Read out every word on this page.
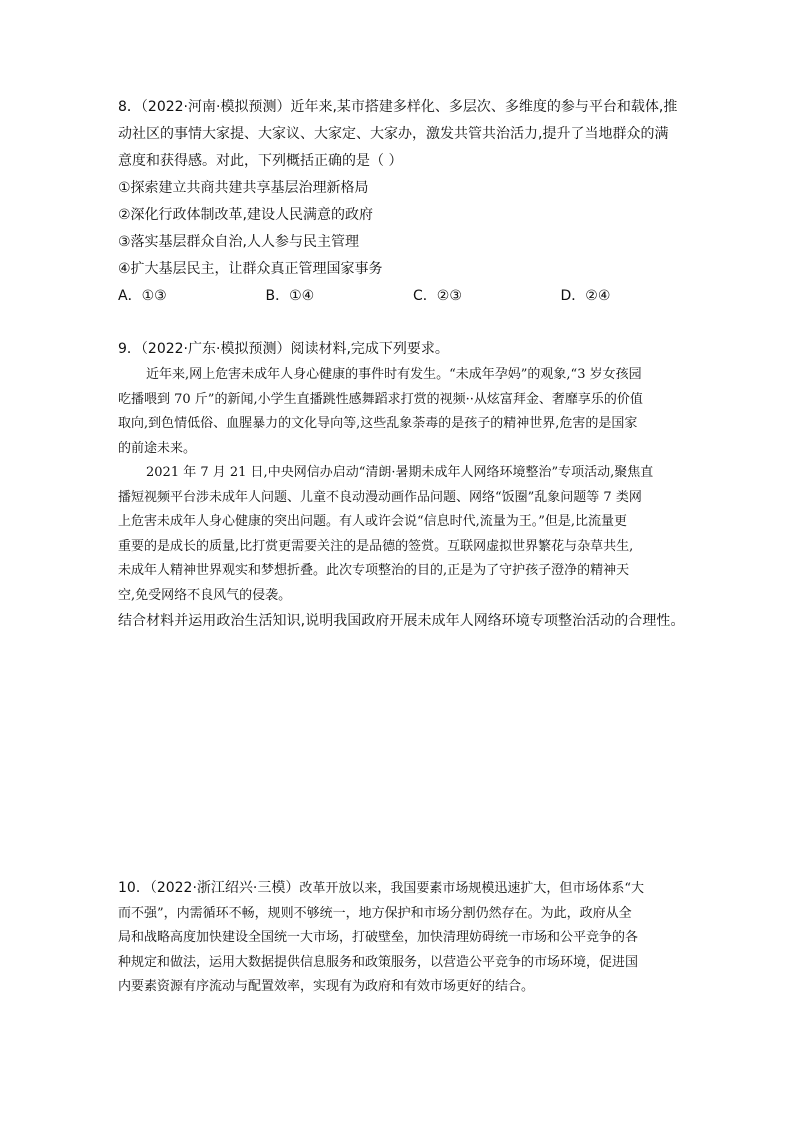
8．（2022·河南·模拟预测）近年来,某市搭建多样化、多层次、多维度的参与平台和载体,推
动社区的事情大家提、大家议、大家定、大家办，激发共管共治活力,提升了当地群众的满
意度和获得感。对此，下列概括正确的是（ ）
①探索建立共商共建共享基层治理新格局
②深化行政体制改革,建设人民满意的政府
③落实基层群众自治,人人参与民主管理
④扩大基层民主，让群众真正管理国家事务
A．①③	B．①④	C．②③	D．②④
9．（2022·广东·模拟预测）阅读材料,完成下列要求。
近年来,网上危害未成年人身心健康的事件时有发生。“未成年孕妈”的观象,“3 岁女孩园
吃播喂到 70 斤”的新闻,小学生直播跳性感舞蹈求打赏的视频··从炫富拜金、奢靡享乐的价值
取向,到色情低俗、血腥暴力的文化导向等,这些乱象荼毒的是孩子的精神世界,危害的是国家
的前途未来。
2021 年 7 月 21 日,中央网信办启动“清朗·暑期未成年人网络环境整治”专项活动,聚焦直
播短视频平台涉未成年人问题、儿童不良动漫动画作品问题、网络“饭圈”乱象问题等 7 类网
上危害未成年人身心健康的突出问题。有人或许会说“信息时代,流量为王。”但是,比流量更
重要的是成长的质量,比打赏更需要关注的是品德的签赏。互联网虚拟世界繁花与杂草共生,
未成年人精神世界观实和梦想折叠。此次专项整治的目的,正是为了守护孩子澄净的精神天
空,免受网络不良风气的侵袭。
结合材料并运用政治生活知识,说明我国政府开展未成年人网络环境专项整治活动的合理性。
10．（2022·浙江绍兴·三模）改革开放以来，我国要素市场规模迅速扩大，但市场体系“大
而不强”，内需循环不畅，规则不够统一，地方保护和市场分割仍然存在。为此，政府从全
局和战略高度加快建设全国统一大市场，打破壁垒，加快清理妨碍统一市场和公平竞争的各
种规定和做法，运用大数据提供信息服务和政策服务，以营造公平竞争的市场环境，促进国
内要素资源有序流动与配置效率，实现有为政府和有效市场更好的结合。
